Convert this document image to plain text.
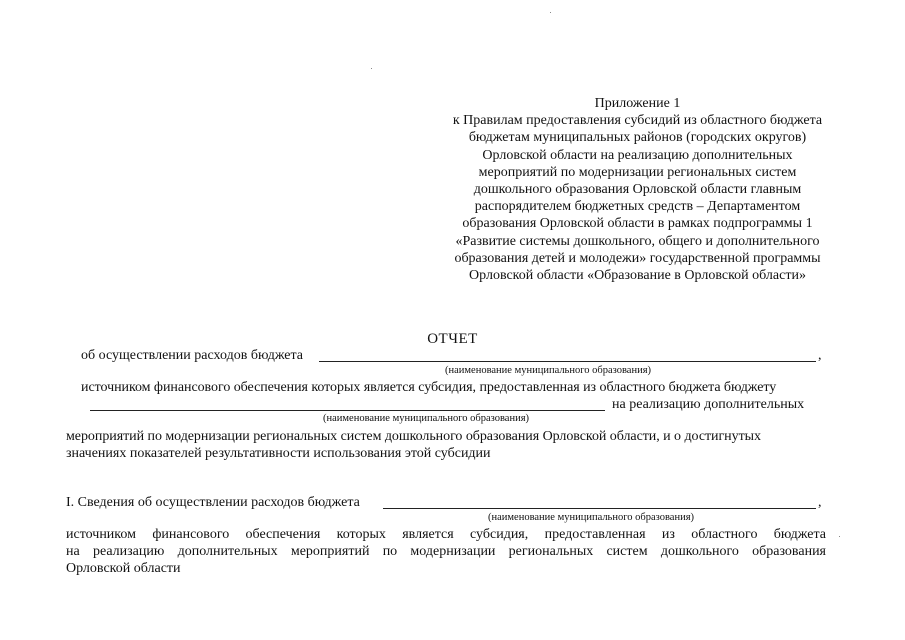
Приложение 1
к Правилам предоставления субсидий из областного бюджета
бюджетам муниципальных районов (городских округов)
Орловской области на реализацию дополнительных
мероприятий по модернизации региональных систем
дошкольного образования Орловской области главным
распорядителем бюджетных средств – Департаментом
образования Орловской области в рамках подпрограммы 1
«Развитие системы дошкольного, общего и дополнительного
образования детей и молодежи» государственной программы
Орловской области «Образование в Орловской области»
ОТЧЕТ
об осуществлении расходов бюджета	,
(наименование муниципального образования)
источником финансового обеспечения которых является субсидия, предоставленная из областного бюджета бюджету
на реализацию дополнительных
(наименование муниципального образования)
мероприятий по модернизации региональных систем дошкольного образования Орловской области, и о достигнутых
значениях показателей результативности использования этой субсидии
I. Сведения об осуществлении расходов бюджета	,
(наименование муниципального образования)
источником финансового обеспечения которых является субсидия, предоставленная из областного бюджета
на реализацию дополнительных мероприятий по модернизации региональных систем дошкольного образования
Орловской области
